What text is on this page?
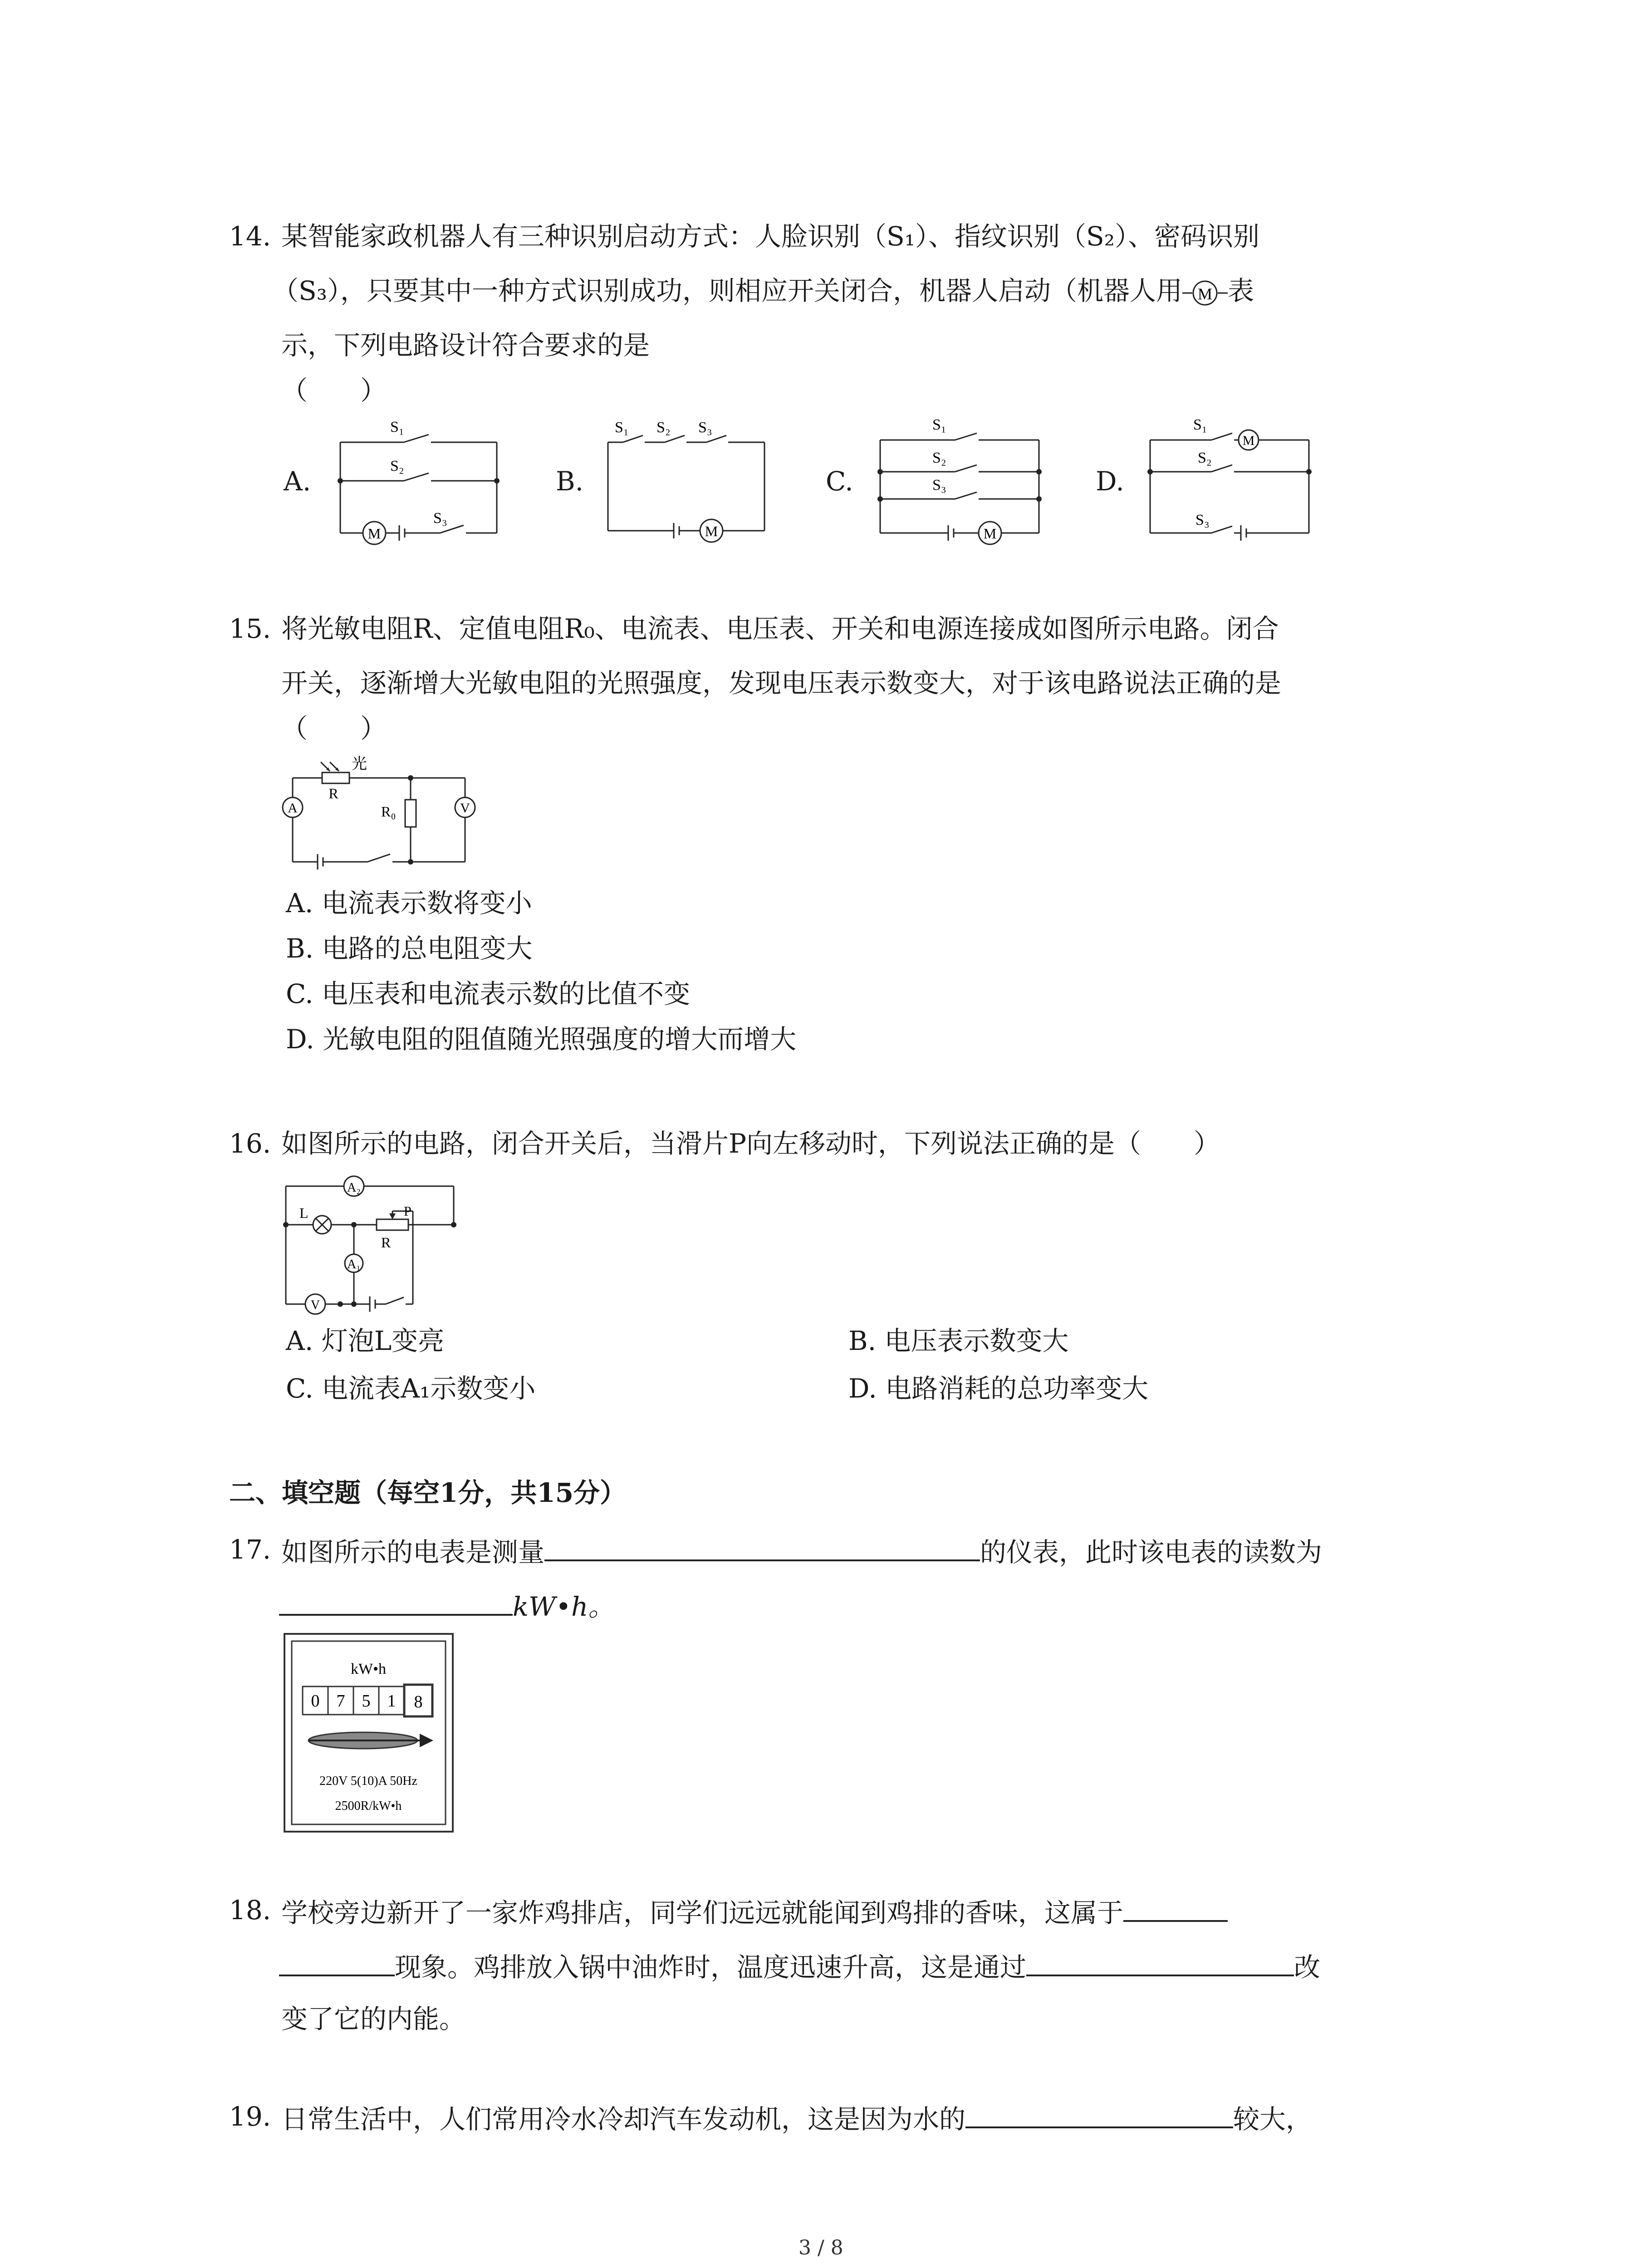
14. 某智能家政机器人有三种识别启动方式：人脸识别（S₁）、指纹识别（S₂）、密码识别
（S₃），只要其中一种方式识别成功，则相应开关闭合，机器人启动（机器人用 M 表
示，下列电路设计符合要求的是
（　　）
A.	B.	C.	D.
S₁
S₂
M
S₃
S₁ S₂ S₃
M
S₁
S₂
S₃
M
S₁
M
S₂
S₃
15. 将光敏电阻R、定值电阻R₀、电流表、电压表、开关和电源连接成如图所示电路。闭合
开关，逐渐增大光敏电阻的光照强度，发现电压表示数变大，对于该电路说法正确的是
（　　）
光
R
R₀
A	V
A. 电流表示数将变小
B. 电路的总电阻变大
C. 电压表和电流表示数的比值不变
D. 光敏电阻的阻值随光照强度的增大而增大
16. 如图所示的电路，闭合开关后，当滑片P向左移动时，下列说法正确的是（　　）
A₂
L	P
R
A₁
V
A. 灯泡L变亮	B. 电压表示数变大
C. 电流表A₁示数变小	D. 电路消耗的总功率变大
二、填空题（每空1分，共15分）
17. 如图所示的电表是测量	的仪表，此时该电表的读数为
kW•h。
kW•h
0 7 5 1 8
220V 5(10)A 50Hz
2500R/kW•h
18. 学校旁边新开了一家炸鸡排店，同学们远远就能闻到鸡排的香味，这属于
现象。鸡排放入锅中油炸时，温度迅速升高，这是通过	改
变了它的内能。
19. 日常生活中，人们常用冷水冷却汽车发动机，这是因为水的	较大，
3 / 8
